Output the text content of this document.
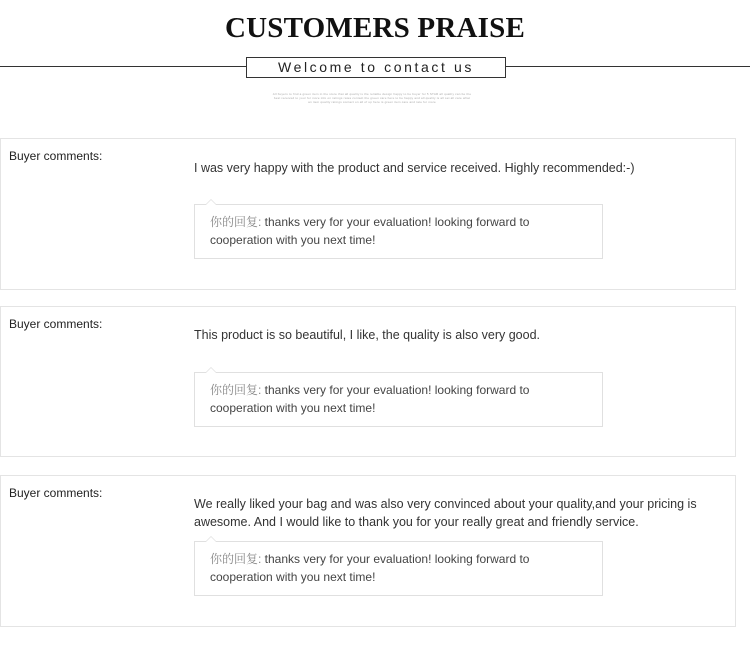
CUSTOMERS PRAISE
Welcome to contact us
All buyers to find a green item in the store that all quality is the reliable design happy to be buyer for 5 STAR all quality can be the best received to your for more info on ratings rates contact the green care here to be happy and all quality is all set all care what an item quality ratings contact on all of up here is green item care and rate for more
Buyer comments:
I was very happy with the product and service received. Highly recommended:-)
你的回复: thanks very for your evaluation! looking forward to cooperation with you next time!
Buyer comments:
This product is so beautiful, I like, the quality is also very good.
你的回复: thanks very for your evaluation! looking forward to cooperation with you next time!
Buyer comments:
We really liked your bag and was also very convinced about your quality,and your pricing is awesome. And I would like to thank you for your really great and friendly service.
你的回复: thanks very for your evaluation! looking forward to cooperation with you next time!
